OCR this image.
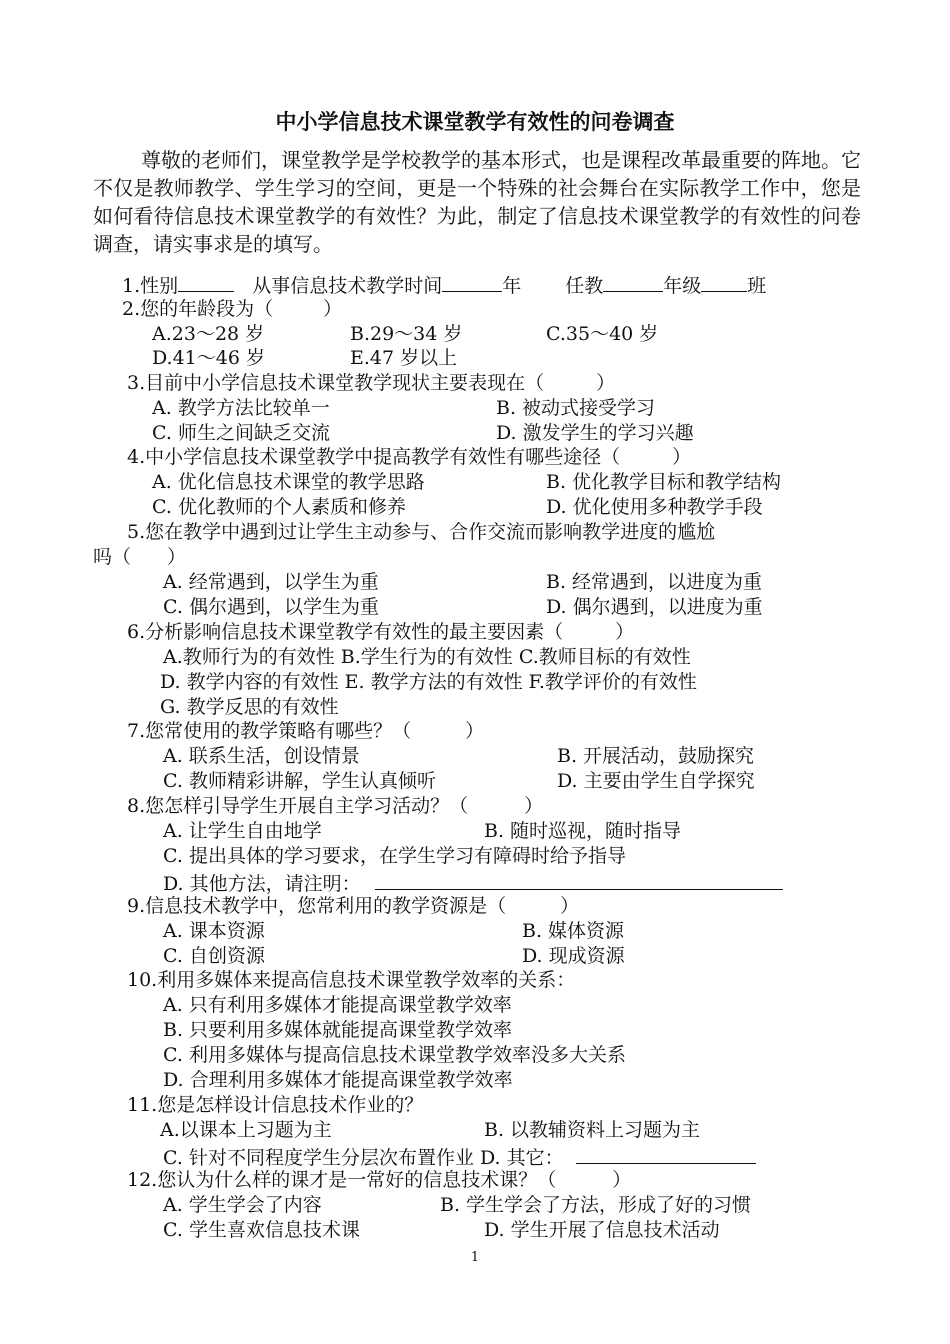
中小学信息技术课堂教学有效性的问卷调查
尊敬的老师们，课堂教学是学校教学的基本形式，也是课程改革最重要的阵地。它不仅是教师教学、学生学习的空间，更是一个特殊的社会舞台在实际教学工作中，您是如何看待信息技术课堂教学的有效性？为此，制定了信息技术课堂教学的有效性的问卷调查，请实事求是的填写。
1.性别	从事信息技术教学时间	年 任教	年级 班
2.您的年龄段为（	）
A.23～28 岁	B.29～34 岁	C.35～40 岁
D.41～46 岁	E.47 岁以上
3.目前中小学信息技术课堂教学现状主要表现在（	）
A. 教学方法比较单一	B. 被动式接受学习
C. 师生之间缺乏交流	D. 激发学生的学习兴趣
4.中小学信息技术课堂教学中提高教学有效性有哪些途径（	）
A. 优化信息技术课堂的教学思路	B. 优化教学目标和教学结构
C. 优化教师的个人素质和修养	D. 优化使用多种教学手段
5.您在教学中遇到过让学生主动参与、合作交流而影响教学进度的尴尬
吗（ ）
A. 经常遇到，以学生为重	B. 经常遇到，以进度为重
C. 偶尔遇到，以学生为重	D. 偶尔遇到，以进度为重
6.分析影响信息技术课堂教学有效性的最主要因素（	）
A.教师行为的有效性 B.学生行为的有效性 C.教师目标的有效性
D. 教学内容的有效性 E. 教学方法的有效性 F.教学评价的有效性
G. 教学反思的有效性
7.您常使用的教学策略有哪些？（	）
A. 联系生活，创设情景	B. 开展活动，鼓励探究
C. 教师精彩讲解，学生认真倾听	D. 主要由学生自学探究
8.您怎样引导学生开展自主学习活动？（	）
A. 让学生自由地学	B. 随时巡视，随时指导
C. 提出具体的学习要求，在学生学习有障碍时给予指导
D. 其他方法，请注明：
9.信息技术教学中，您常利用的教学资源是（	）
A. 课本资源	B. 媒体资源
C. 自创资源	D. 现成资源
10.利用多媒体来提高信息技术课堂教学效率的关系：
A. 只有利用多媒体才能提高课堂教学效率
B. 只要利用多媒体就能提高课堂教学效率
C. 利用多媒体与提高信息技术课堂教学效率没多大关系
D. 合理利用多媒体才能提高课堂教学效率
11.您是怎样设计信息技术作业的？
A.以课本上习题为主	B. 以教辅资料上习题为主
C. 针对不同程度学生分层次布置作业 D. 其它：
12.您认为什么样的课才是一常好的信息技术课？（	）
A. 学生学会了内容	B. 学生学会了方法，形成了好的习惯
C. 学生喜欢信息技术课	D. 学生开展了信息技术活动
1
